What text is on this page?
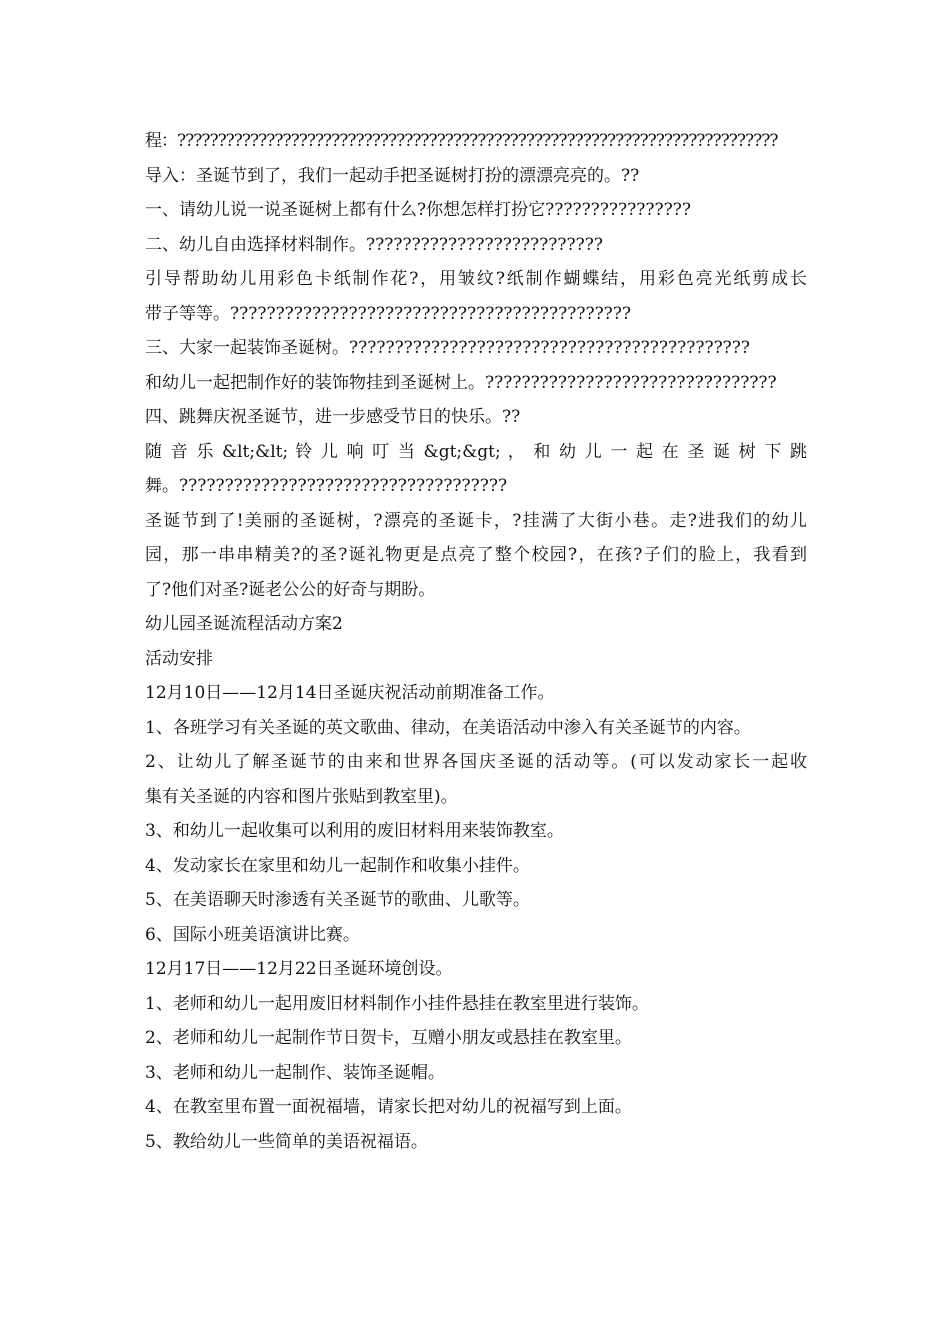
程：??????????????????????????????????????????????????????????????????????????
导入：圣诞节到了，我们一起动手把圣诞树打扮的漂漂亮亮的。??
一、请幼儿说一说圣诞树上都有什么?你想怎样打扮它????????????????
二、幼儿自由选择材料制作。??????????????????????????
引导帮助幼儿用彩色卡纸制作花?，用皱纹?纸制作蝴蝶结，用彩色亮光纸剪成长
带子等等。????????????????????????????????????????????
三、大家一起装饰圣诞树。????????????????????????????????????????????
和幼儿一起把制作好的装饰物挂到圣诞树上。????????????????????????????????
四、跳舞庆祝圣诞节，进一步感受节日的快乐。??
随 音 乐 &lt;&lt; 铃 儿 响 叮 当 &gt;&gt; ， 和 幼 儿 一 起 在 圣 诞 树 下 跳
舞。????????????????????????????????????
圣诞节到了!美丽的圣诞树，?漂亮的圣诞卡，?挂满了大街小巷。走?进我们的幼儿
园，那一串串精美?的圣?诞礼物更是点亮了整个校园?，在孩?子们的脸上，我看到
了?他们对圣?诞老公公的好奇与期盼。
幼儿园圣诞流程活动方案2
活动安排
12月10日——12月14日圣诞庆祝活动前期准备工作。
1、各班学习有关圣诞的英文歌曲、律动，在美语活动中渗入有关圣诞节的内容。
2、让幼儿了解圣诞节的由来和世界各国庆圣诞的活动等。(可以发动家长一起收
集有关圣诞的内容和图片张贴到教室里)。
3、和幼儿一起收集可以利用的废旧材料用来装饰教室。
4、发动家长在家里和幼儿一起制作和收集小挂件。
5、在美语聊天时渗透有关圣诞节的歌曲、儿歌等。
6、国际小班美语演讲比赛。
12月17日——12月22日圣诞环境创设。
1、老师和幼儿一起用废旧材料制作小挂件悬挂在教室里进行装饰。
2、老师和幼儿一起制作节日贺卡，互赠小朋友或悬挂在教室里。
3、老师和幼儿一起制作、装饰圣诞帽。
4、在教室里布置一面祝福墙，请家长把对幼儿的祝福写到上面。
5、教给幼儿一些简单的美语祝福语。
